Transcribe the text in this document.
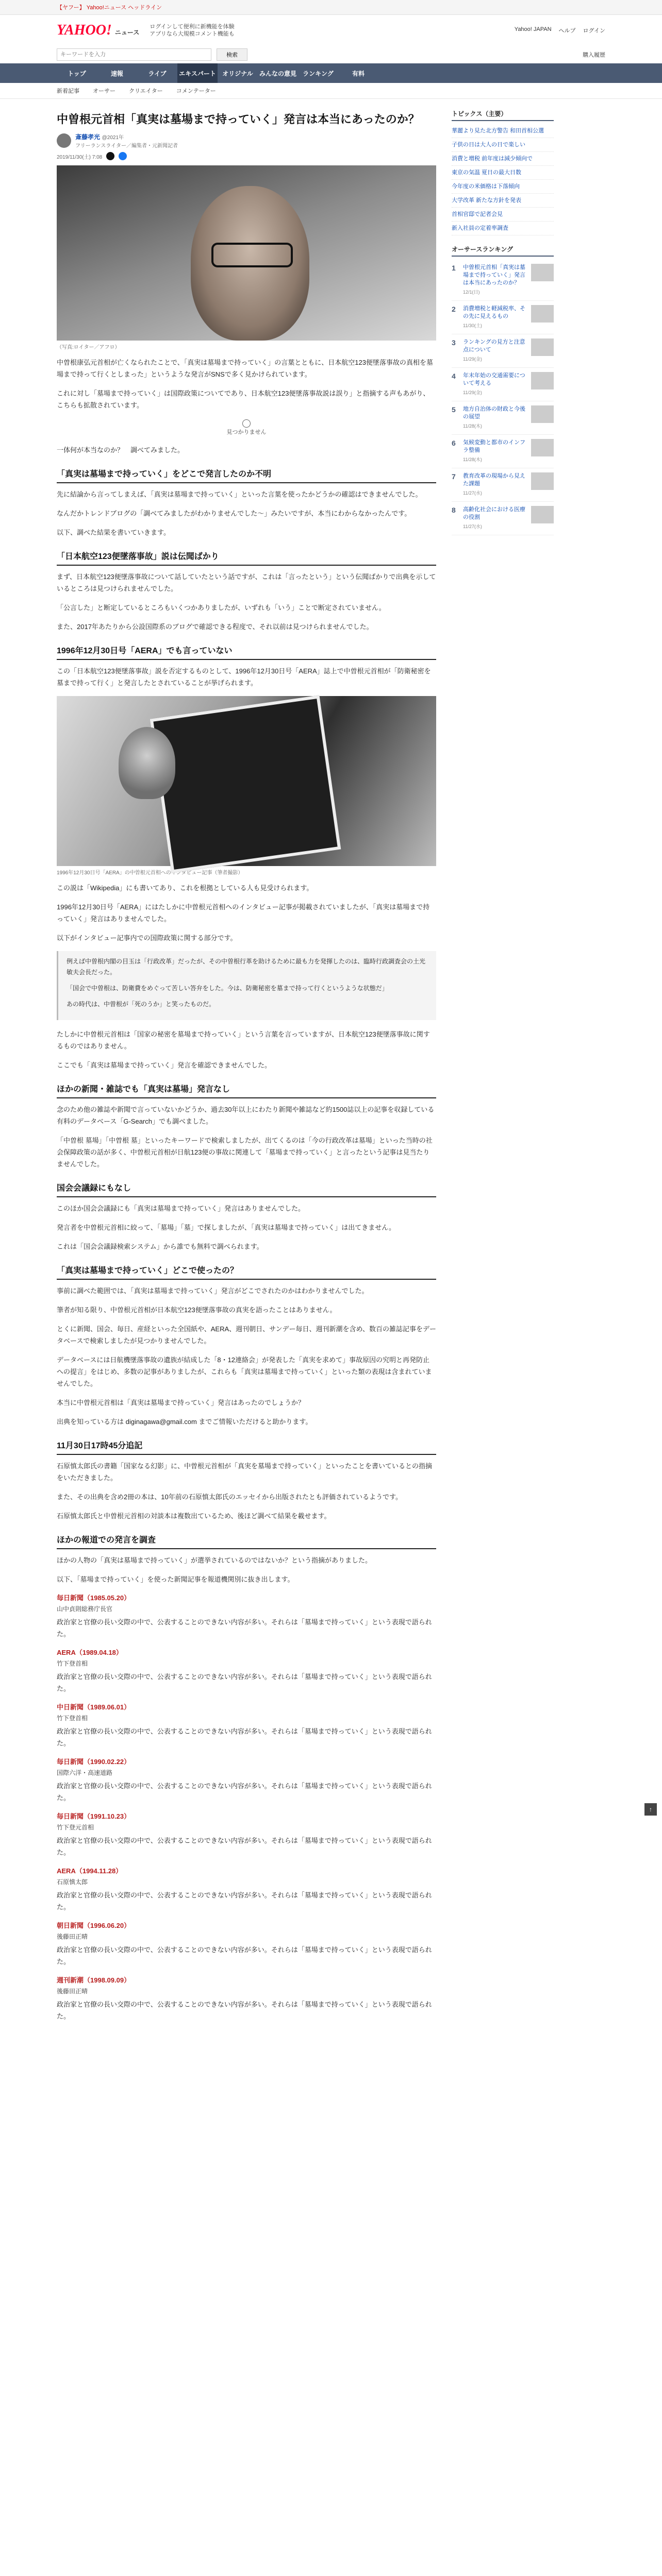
【ヤフー】 Yahoo!ニュース ヘッドライン
YAHOO! ニュース
ログインして便利に新機能を体験
アプリなら大規模コメント機能も
Yahoo! JAPAN ヘルプ ログイン
キーワードを入力
検索	購入履歴
トップ	速報	ライブ	エキスパート	オリジナル	みんなの意見	ランキング	有料
新着記事 オーサー クリエイター コメンテーター
中曽根元首相「真実は墓場まで持っていく」発言は本当にあったのか？
斎藤孝光 @2021年
フリーランスライター／編集者・元新聞記者
2019/11/30(土) 7:08
（写真:ロイター／アフロ）

中曽根康弘元首相が亡くなられたことで、「真実は墓場まで持っていく」の言葉とともに、日本航空123便墜落事故の真相を墓場まで持って行くとしまった」というような発言がSNSで多く見かけられています。

これに対し「墓場まで持っていく」は国際政策についてであり、日本航空123便墜落事故説は誤り」と指摘する声もあがり、こちらも拡散されています。

見つかりません

一体何が本当なのか？　調べてみました。

「真実は墓場まで持っていく」をどこで発言したのか不明

先に結論から言ってしまえば、「真実は墓場まで持っていく」といった言葉を使ったかどうかの確認はできませんでした。

なんだかトレンドブログの「調べてみましたがわかりませんでした〜」みたいですが、本当にわからなかったんです。

以下、調べた結果を書いていきます。

「日本航空123便墜落事故」説は伝聞ばかり

まず、日本航空123便墜落事故について話していたという話ですが、これは「言ったという」という伝聞ばかりで出典を示しているところは見つけられませんでした。

「公言した」と断定しているところもいくつかありましたが、いずれも「いう」ことで断定されていません。

また、2017年あたりから公設国際系のブログで確認できる程度で、それ以前は見つけられませんでした。

1996年12月30日号「AERA」でも言っていない

この「日本航空123便墜落事故」説を否定するものとして、1996年12月30日号「AERA」誌上で中曽根元首相が「防衛秘密を墓まで持って行く」と発言したとされていることが挙げられます。

1996年12月30日号「AERA」の中曽根元首相へのインタビュー記事（筆者撮影）

この説は「Wikipedia」にも書いてあり、これを根拠としている人も見受けられます。

1996年12月30日号「AERA」にはたしかに中曽根元首相へのインタビュー記事が掲載されていましたが、「真実は墓場まで持っていく」発言はありませんでした。

以下がインタビュー記事内での国際政策に関する部分です。

例えば中曽根内閣の目玉は「行政改革」だったが、その中曽根行革を助けるために最も力を発揮したのは、臨時行政調査会の土光敏夫会長だった。

「国会で中曽根は、防衛費をめぐって苦しい答弁をした。今は、防衛秘密を墓まで持って行くというような状態だ」

あの時代は、中曽根が「死のうか」と笑ったものだ。

たしかに中曽根元首相は「国家の秘密を墓場まで持っていく」という言葉を言っていますが、日本航空123便墜落事故に関するものではありません。

ここでも「真実は墓場まで持っていく」発言を確認できませんでした。

ほかの新聞・雑誌でも「真実は墓場」発言なし

念のため他の雑誌や新聞で言っていないかどうか、過去30年以上にわたり新聞や雑誌など約1500誌以上の記事を収録している有料のデータベース「G-Search」でも調べました。

「中曽根 墓場」「中曽根 墓」といったキーワードで検索しましたが、出てくるのは「今の行政改革は墓場」といった当時の社会保障政策の話が多く、中曽根元首相が日航123便の事故に関連して「墓場まで持っていく」と言ったという記事は見当たりませんでした。

国会会議録にもなし

このほか国会会議録にも「真実は墓場まで持っていく」発言はありませんでした。

発言者を中曽根元首相に絞って、「墓場」「墓」で探しましたが、「真実は墓場まで持っていく」は出てきません。

これは「国会会議録検索システム」から誰でも無料で調べられます。

「真実は墓場まで持っていく」どこで使ったの？

事前に調べた範囲では、「真実は墓場まで持っていく」発言がどこでされたのかはわかりませんでした。

筆者が知る限り、中曽根元首相が日本航空123便墜落事故の真実を語ったことはありません。

とくに新聞、国会、毎日、産経といった全国紙や、AERA、週刊朝日、サンデー毎日、週刊新潮を含め、数百の雑誌記事をデータベースで検索しましたが見つかりませんでした。

データベースには日航機墜落事故の遺族が結成した「8・12連絡会」が発表した「真実を求めて」事故原因の究明と再発防止への提言」をはじめ、多数の記事がありましたが、これらも「真実は墓場まで持っていく」といった類の表現は含まれていませんでした。

本当に中曽根元首相は「真実は墓場まで持っていく」発言はあったのでしょうか？

出典を知っている方は diginagawa@gmail.com までご情報いただけると助かります。

11月30日17時45分追記

石原慎太郎氏の書籍「国家なる幻影」に、中曽根元首相が「真実を墓場まで持っていく」といったことを書いているとの指摘をいただきました。

また、その出典を含め2冊の本は、10年前の石原慎太郎氏のエッセイから出版されたとも評価されているようです。

石原慎太郎氏と中曽根元首相の対談本は複数出ているため、後ほど調べて結果を載せます。

ほかの報道での発言を調査

ほかの人物の「真実は墓場まで持っていく」が選挙されているのではないか？という指摘がありました。

以下、「墓場まで持っていく」を使った新聞記事を報道機関別に抜き出します。

毎日新聞（1985.05.20）
山中貞則総務庁長官

政治家と官僚の長い交際の中で、公表することのできない内容が多い。それらは「墓場まで持っていく」という表現で語られた。

AERA（1989.04.18）
竹下登首相

政治家と官僚の長い交際の中で、公表することのできない内容が多い。それらは「墓場まで持っていく」という表現で語られた。

中日新聞（1989.06.01）
竹下登首相

政治家と官僚の長い交際の中で、公表することのできない内容が多い。それらは「墓場まで持っていく」という表現で語られた。

毎日新聞（1990.02.22）
国際六洋・高速道路

政治家と官僚の長い交際の中で、公表することのできない内容が多い。それらは「墓場まで持っていく」という表現で語られた。

毎日新聞（1991.10.23）
竹下登元首相

政治家と官僚の長い交際の中で、公表することのできない内容が多い。それらは「墓場まで持っていく」という表現で語られた。

AERA（1994.11.28）
石原慎太郎

政治家と官僚の長い交際の中で、公表することのできない内容が多い。それらは「墓場まで持っていく」という表現で語られた。

朝日新聞（1996.06.20）
後藤田正晴

政治家と官僚の長い交際の中で、公表することのできない内容が多い。それらは「墓場まで持っていく」という表現で語られた。

週刊新潮（1998.09.09）
後藤田正晴

政治家と官僚の長い交際の中で、公表することのできない内容が多い。それらは「墓場まで持っていく」という表現で語られた。

トピックス（主要）
華麗より見た北方警告 和田首相公選
子供の日は大人の日で楽しい
消費と増税 前年度は減少傾向で
東京の気温 夏日の最大日数
今年度の米価格は下落傾向
大学改革 新たな方針を発表
首相官邸で記者会見
新入社員の定着率調査
オーサースランキング
1	中曽根元首相「真実は墓場まで持っていく」発言は本当にあったのか？
12/1(日)
2	消費増税と軽減税率、その先に見えるもの
11/30(土)
3	ランキングの見方と注意点について
11/29(金)
4	年末年始の交通需要について考える
11/29(金)
5	地方自治体の財政と今後の展望
11/28(木)
6	気候変動と都市のインフラ整備
11/28(木)
7	教育改革の現場から見えた課題
11/27(水)
8	高齢化社会における医療の役割
11/27(水)
↑
